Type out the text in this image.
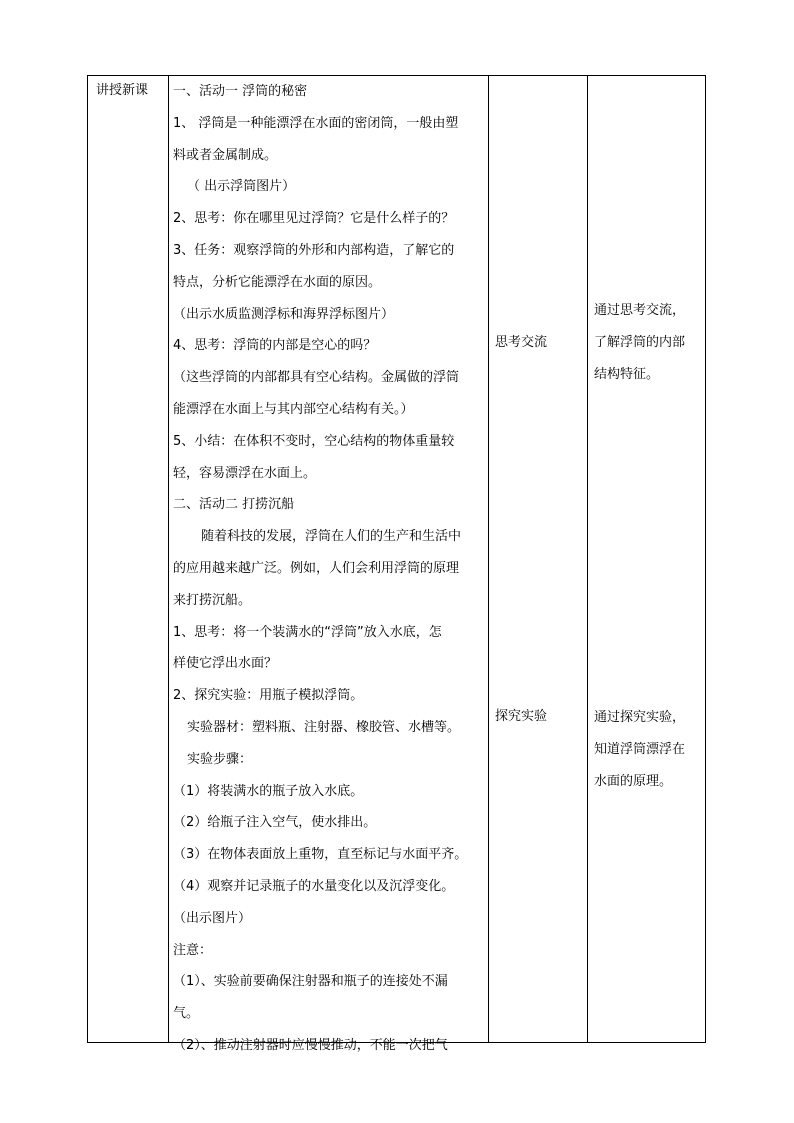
讲授新课 一、活动一 浮筒的秘密
1、 浮筒是一种能漂浮在水面的密闭筒，一般由塑
料或者金属制成。
（ 出示浮筒图片）
2、思考：你在哪里见过浮筒？它是什么样子的？
3、任务：观察浮筒的外形和内部构造，了解它的
特点，分析它能漂浮在水面的原因。
（出示水质监测浮标和海界浮标图片）
4、思考：浮筒的内部是空心的吗？
（这些浮筒的内部都具有空心结构。金属做的浮筒
能漂浮在水面上与其内部空心结构有关。）
5、小结：在体积不变时，空心结构的物体重量较
轻，容易漂浮在水面上。
二、活动二 打捞沉船
随着科技的发展，浮筒在人们的生产和生活中
的应用越来越广泛。例如，人们会利用浮筒的原理
来打捞沉船。
1、思考：将一个装满水的“浮筒”放入水底，怎
样使它浮出水面？
2、探究实验：用瓶子模拟浮筒。
实验器材：塑料瓶、注射器、橡胶管、水槽等。
实验步骤：
（1）将装满水的瓶子放入水底。
（2）给瓶子注入空气，使水排出。
（3）在物体表面放上重物，直至标记与水面平齐。
（4）观察并记录瓶子的水量变化以及沉浮变化。
（出示图片）
注意：
（1）、实验前要确保注射器和瓶子的连接处不漏
气。
（2）、推动注射器时应慢慢推动，不能一次把气
思考交流
探究实验
通过思考交流，
了解浮筒的内部
结构特征。
通过探究实验，
知道浮筒漂浮在
水面的原理。
